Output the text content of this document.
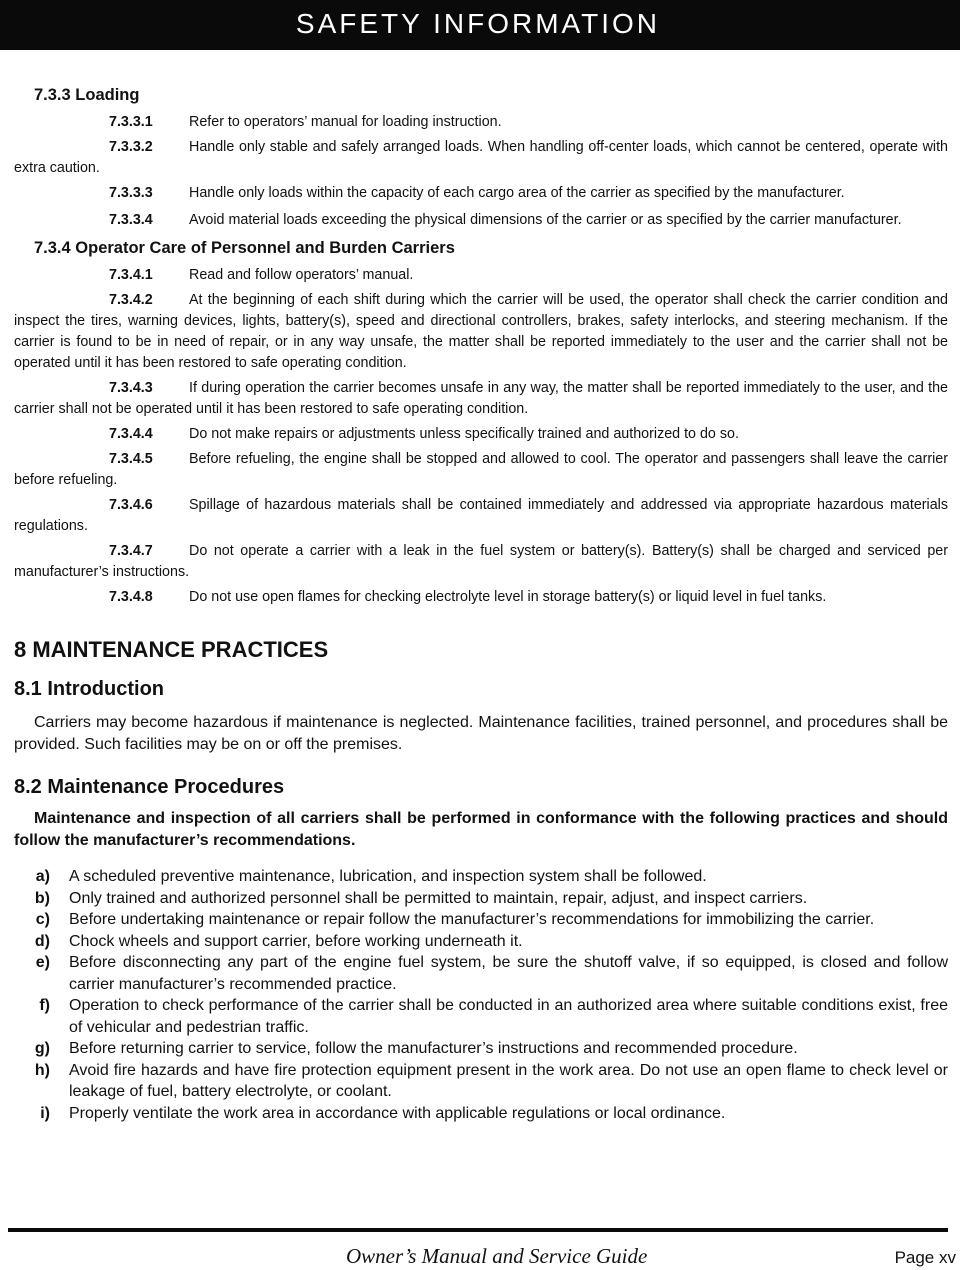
SAFETY INFORMATION
7.3.3 Loading

7.3.3.1	Refer to operators’ manual for loading instruction.

7.3.3.2	Handle only stable and safely arranged loads. When handling off-center loads, which cannot be centered, operate with extra caution.

7.3.3.3	Handle only loads within the capacity of each cargo area of the carrier as specified by the manufacturer.

7.3.3.4	Avoid material loads exceeding the physical dimensions of the carrier or as specified by the carrier manufacturer.

7.3.4 Operator Care of Personnel and Burden Carriers

7.3.4.1	Read and follow operators’ manual.

7.3.4.2	At the beginning of each shift during which the carrier will be used, the operator shall check the carrier condition and inspect the tires, warning devices, lights, battery(s), speed and directional controllers, brakes, safety interlocks, and steering mechanism. If the carrier is found to be in need of repair, or in any way unsafe, the matter shall be reported immediately to the user and the carrier shall not be operated until it has been restored to safe operating condition.

7.3.4.3	If during operation the carrier becomes unsafe in any way, the matter shall be reported immediately to the user, and the carrier shall not be operated until it has been restored to safe operating condition.

7.3.4.4	Do not make repairs or adjustments unless specifically trained and authorized to do so.

7.3.4.5	Before refueling, the engine shall be stopped and allowed to cool. The operator and passengers shall leave the carrier before refueling.

7.3.4.6	Spillage of hazardous materials shall be contained immediately and addressed via appropriate hazardous materials regulations.

7.3.4.7	Do not operate a carrier with a leak in the fuel system or battery(s). Battery(s) shall be charged and serviced per manufacturer’s instructions.

7.3.4.8	Do not use open flames for checking electrolyte level in storage battery(s) or liquid level in fuel tanks.

8 MAINTENANCE PRACTICES
8.1 Introduction

Carriers may become hazardous if maintenance is neglected. Maintenance facilities, trained personnel, and procedures shall be provided. Such facilities may be on or off the premises.

8.2 Maintenance Procedures

Maintenance and inspection of all carriers shall be performed in conformance with the following practices and should follow the manufacturer’s recommendations.

a)	A scheduled preventive maintenance, lubrication, and inspection system shall be followed.
b)	Only trained and authorized personnel shall be permitted to maintain, repair, adjust, and inspect carriers.
c)	Before undertaking maintenance or repair follow the manufacturer’s recommendations for immobilizing the carrier.
d)	Chock wheels and support carrier, before working underneath it.
e)	Before disconnecting any part of the engine fuel system, be sure the shutoff valve, if so equipped, is closed and follow carrier manufacturer’s recommended practice.
f)	Operation to check performance of the carrier shall be conducted in an authorized area where suitable conditions exist, free of vehicular and pedestrian traffic.
g)	Before returning carrier to service, follow the manufacturer’s instructions and recommended procedure.
h)	Avoid fire hazards and have fire protection equipment present in the work area. Do not use an open flame to check level or leakage of fuel, battery electrolyte, or coolant.
i)	Properly ventilate the work area in accordance with applicable regulations or local ordinance.
Owner’s Manual and Service Guide	Page xv
